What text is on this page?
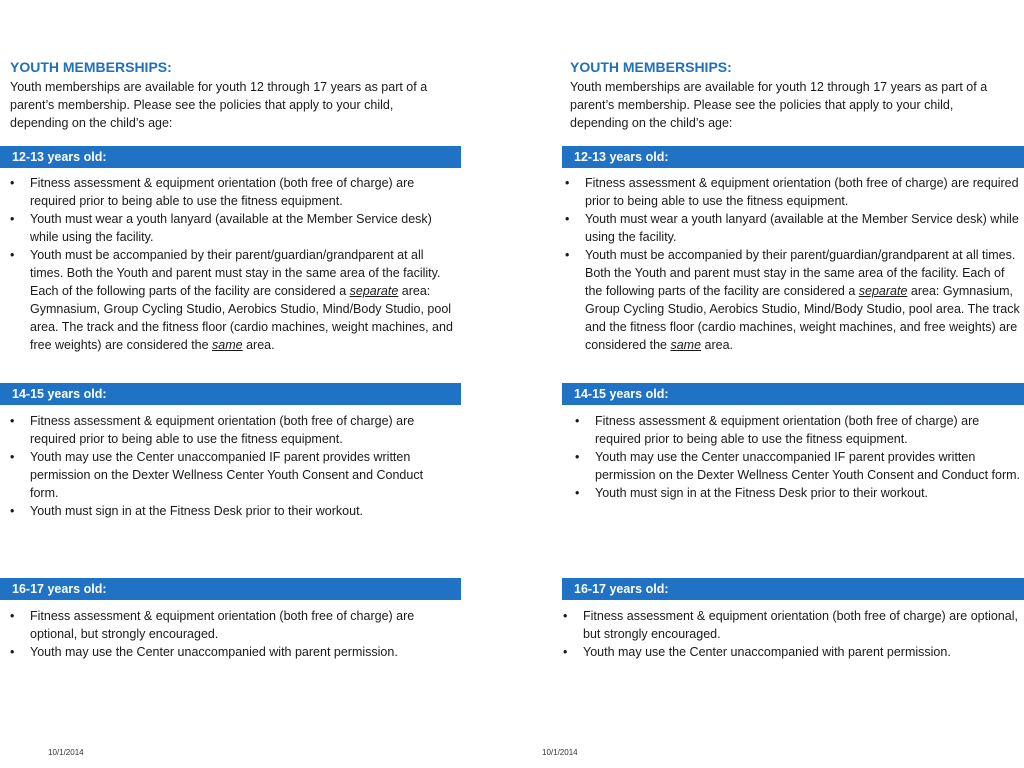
YOUTH MEMBERSHIPS:

Youth memberships are available for youth 12 through 17 years as part of a parent’s membership. Please see the policies that apply to your child, depending on the child’s age:

12-13 years old:
• Fitness assessment & equipment orientation (both free of charge) are required prior to being able to use the fitness equipment.
• Youth must wear a youth lanyard (available at the Member Service desk) while using the facility.
• Youth must be accompanied by their parent/guardian/grandparent at all times. Both the Youth and parent must stay in the same area of the facility. Each of the following parts of the facility are considered a separate area: Gymnasium, Group Cycling Studio, Aerobics Studio, Mind/Body Studio, pool area. The track and the fitness floor (cardio machines, weight machines, and free weights) are considered the same area.
14-15 years old:
• Fitness assessment & equipment orientation (both free of charge) are required prior to being able to use the fitness equipment.
• Youth may use the Center unaccompanied IF parent provides written permission on the Dexter Wellness Center Youth Consent and Conduct form.
• Youth must sign in at the Fitness Desk prior to their workout.
16-17 years old:
• Fitness assessment & equipment orientation (both free of charge) are optional, but strongly encouraged.
• Youth may use the Center unaccompanied with parent permission.
10/1/2014
YOUTH MEMBERSHIPS:

Youth memberships are available for youth 12 through 17 years as part of a parent’s membership. Please see the policies that apply to your child, depending on the child’s age:

12-13 years old:
• Fitness assessment & equipment orientation (both free of charge) are required prior to being able to use the fitness equipment.
• Youth must wear a youth lanyard (available at the Member Service desk) while using the facility.
• Youth must be accompanied by their parent/guardian/grandparent at all times. Both the Youth and parent must stay in the same area of the facility. Each of the following parts of the facility are considered a separate area: Gymnasium, Group Cycling Studio, Aerobics Studio, Mind/Body Studio, pool area. The track and the fitness floor (cardio machines, weight machines, and free weights) are considered the same area.
14-15 years old:
• Fitness assessment & equipment orientation (both free of charge) are required prior to being able to use the fitness equipment.
• Youth may use the Center unaccompanied IF parent provides written permission on the Dexter Wellness Center Youth Consent and Conduct form.
• Youth must sign in at the Fitness Desk prior to their workout.
16-17 years old:
• Fitness assessment & equipment orientation (both free of charge) are optional, but strongly encouraged.
• Youth may use the Center unaccompanied with parent permission.
10/1/2014
